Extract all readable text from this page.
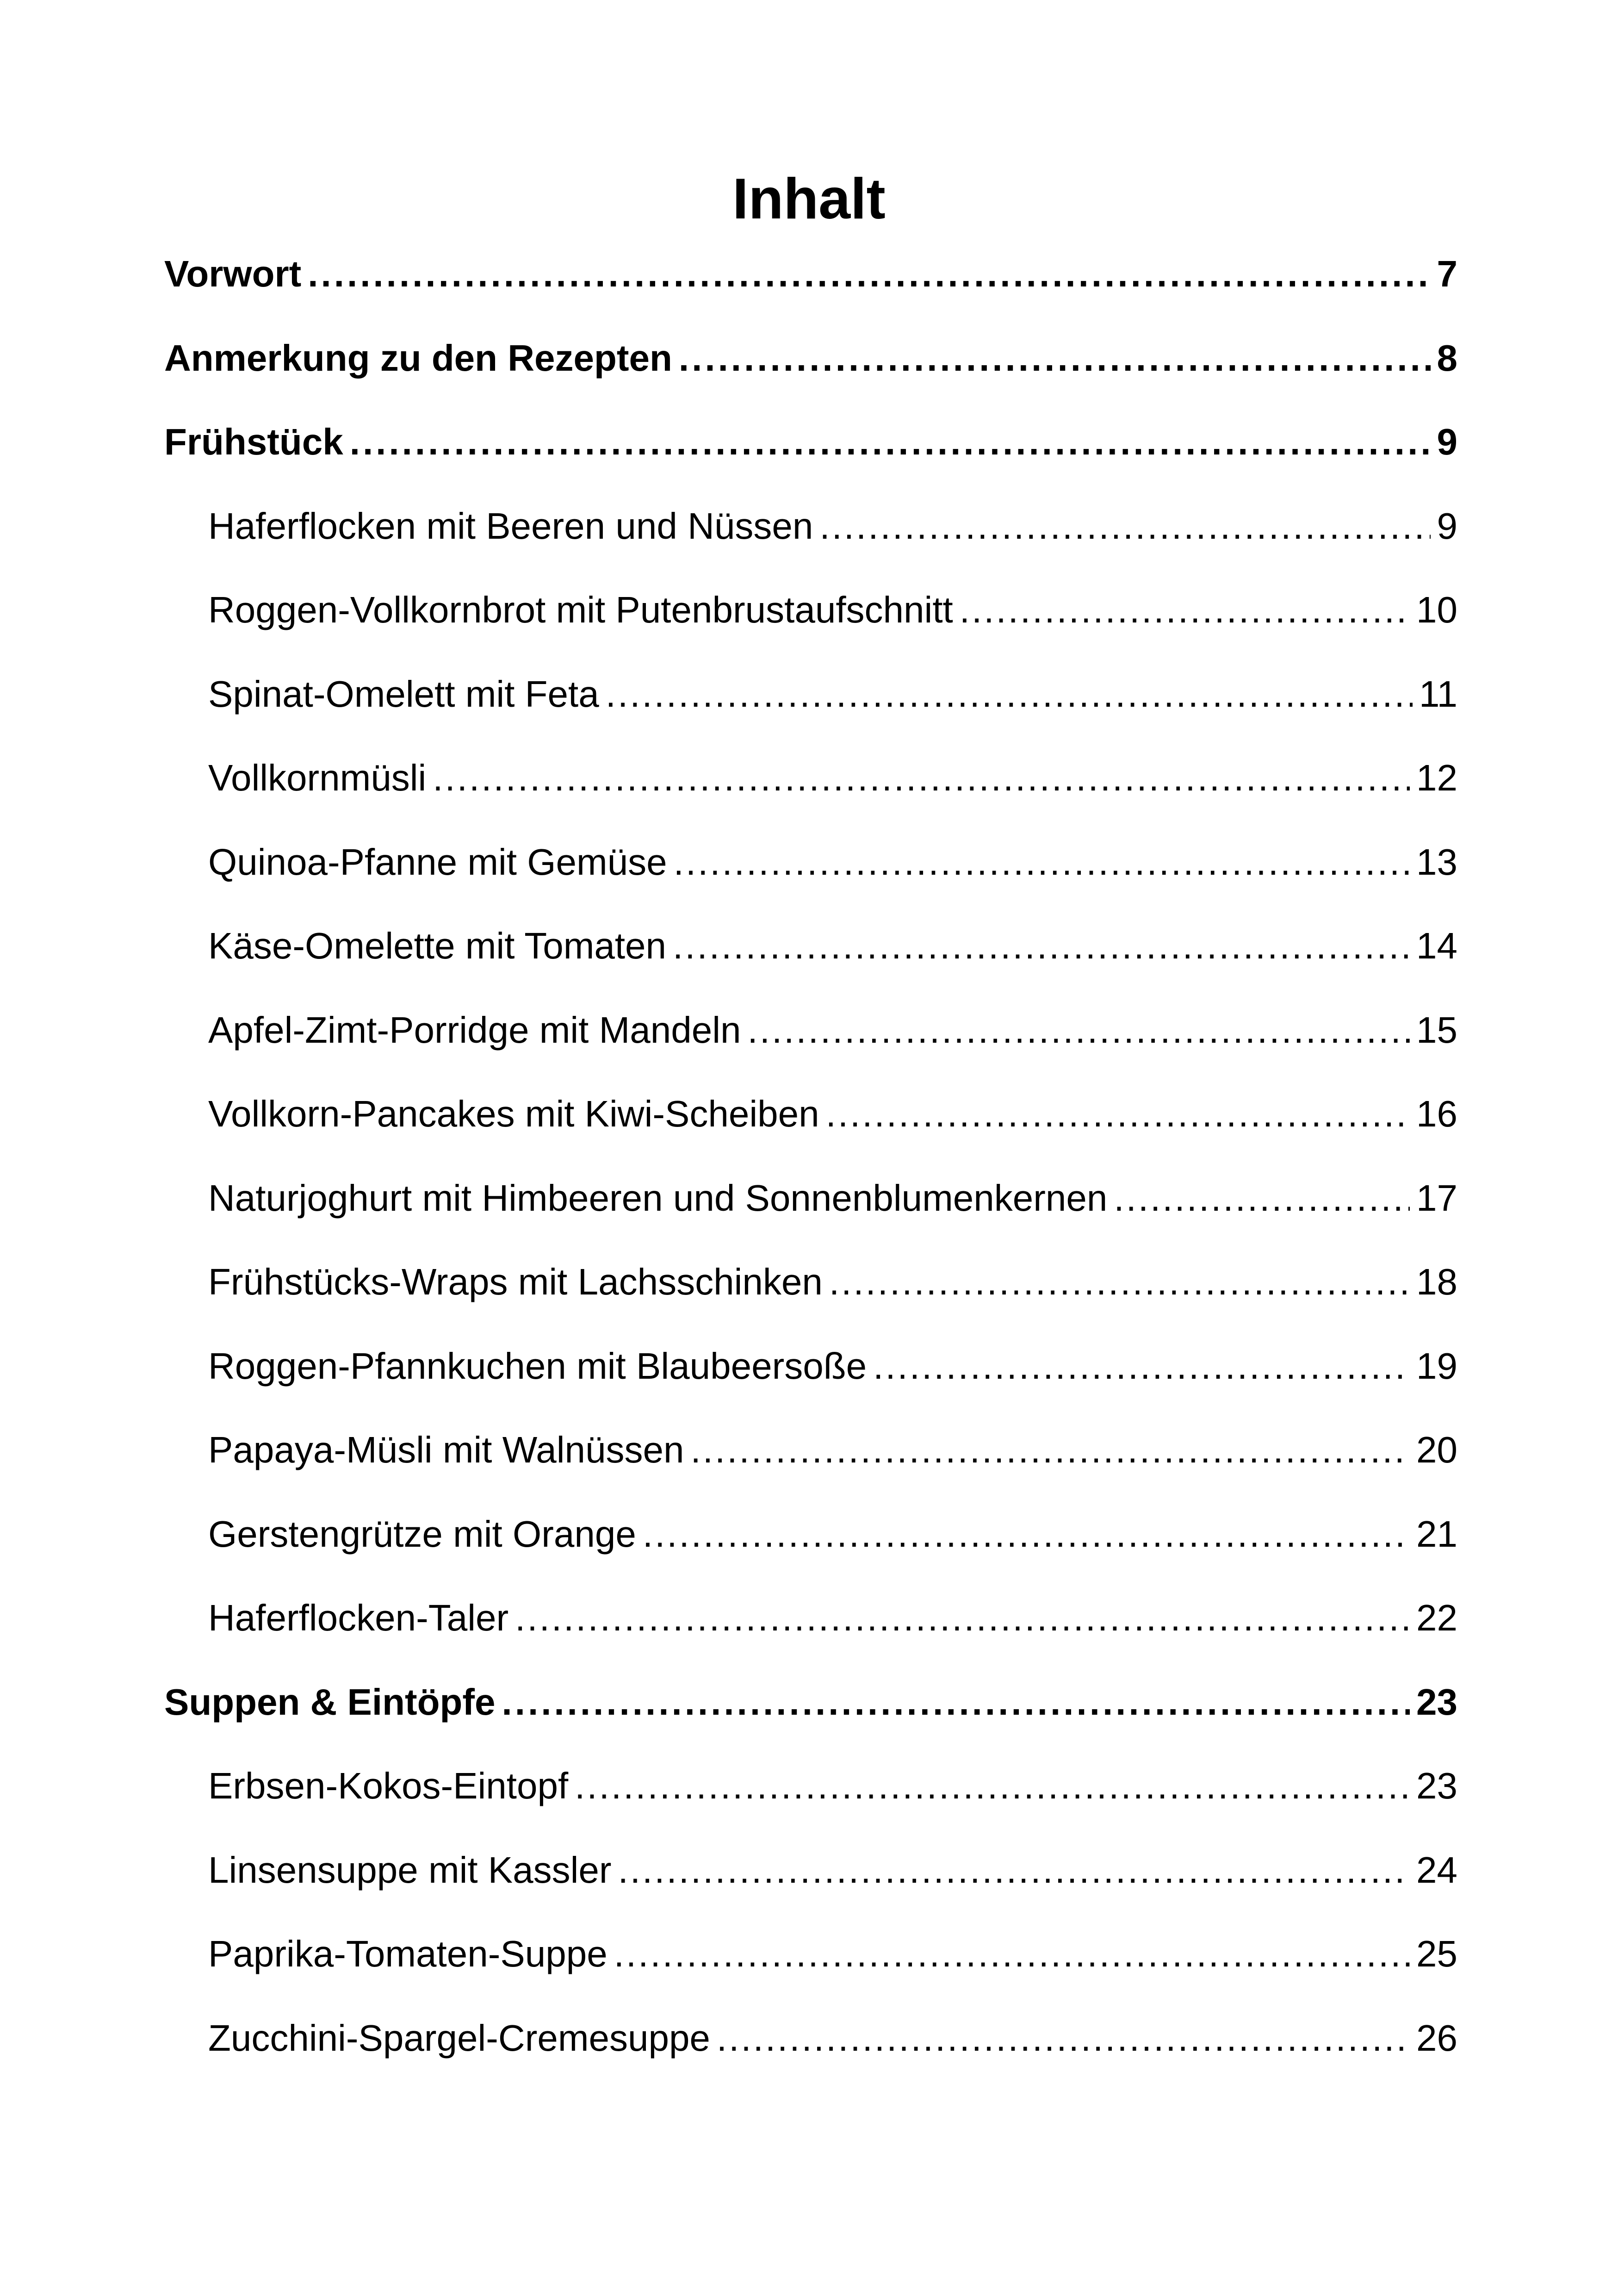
Inhalt
Vorwort .....	7
Anmerkung zu den Rezepten .....	8
Frühstück .....	9
Haferflocken mit Beeren und Nüssen .....	9
Roggen-Vollkornbrot mit Putenbrustaufschnitt .....	10
Spinat-Omelett mit Feta .....	11
Vollkornmüsli .....	12
Quinoa-Pfanne mit Gemüse .....	13
Käse-Omelette mit Tomaten .....	14
Apfel-Zimt-Porridge mit Mandeln .....	15
Vollkorn-Pancakes mit Kiwi-Scheiben .....	16
Naturjoghurt mit Himbeeren und Sonnenblumenkernen .....	17
Frühstücks-Wraps mit Lachsschinken .....	18
Roggen-Pfannkuchen mit Blaubeersoße .....	19
Papaya-Müsli mit Walnüssen .....	20
Gerstengrütze mit Orange .....	21
Haferflocken-Taler .....	22
Suppen & Eintöpfe .....	23
Erbsen-Kokos-Eintopf .....	23
Linsensuppe mit Kassler .....	24
Paprika-Tomaten-Suppe .....	25
Zucchini-Spargel-Cremesuppe .....	26
